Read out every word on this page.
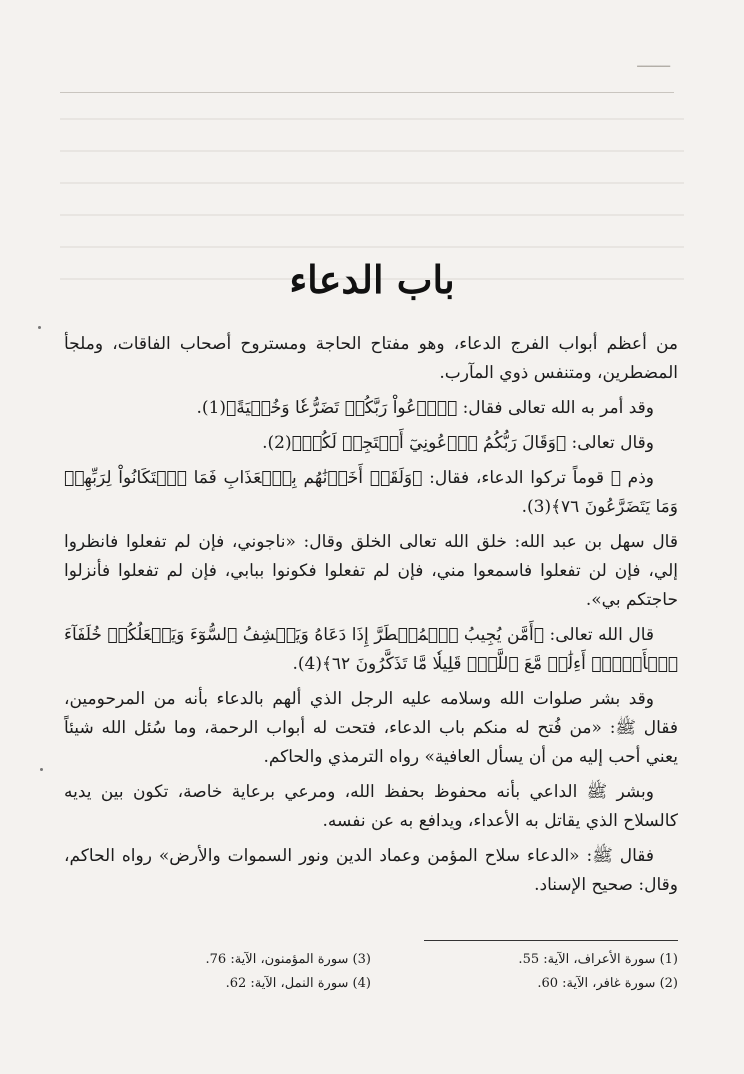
ـــــــ
باب الدعاء

من أعظم أبواب الفرج الدعاء، وهو مفتاح الحاجة ومستروح أصحاب الفاقات، وملجأ المضطرين، ومتنفس ذوي المآرب.

وقد أمر به الله تعالى فقال: ﴿ٱدۡعُواْ رَبَّكُمۡ تَضَرُّعٗا وَخُفۡيَةً﴾(1).

وقال تعالى: ﴿وَقَالَ رَبُّكُمُ ٱدۡعُونِيٓ أَسۡتَجِبۡ لَكُمۡ﴾(2).

وذم ﷺ قوماً تركوا الدعاء، فقال: ﴿وَلَقَدۡ أَخَذۡنَٰهُم بِٱلۡعَذَابِ فَمَا ٱسۡتَكَانُواْ لِرَبِّهِمۡ وَمَا يَتَضَرَّعُونَ ٧٦﴾(3).

قال سهل بن عبد الله: خلق الله تعالى الخلق وقال: «ناجوني، فإن لم تفعلوا فانظروا إلي، فإن لن تفعلوا فاسمعوا مني، فإن لم تفعلوا فكونوا ببابي، فإن لم تفعلوا فأنزلوا حاجتكم بي».

قال الله تعالى: ﴿أَمَّن يُجِيبُ ٱلۡمُضۡطَرَّ إِذَا دَعَاهُ وَيَكۡشِفُ ٱلسُّوٓءَ وَيَجۡعَلُكُمۡ خُلَفَآءَ ٱلۡأَرۡضِۗ أَءِلَٰهٞ مَّعَ ٱللَّهِۚ قَلِيلٗا مَّا تَذَكَّرُونَ ٦٢﴾(4).

وقد بشر صلوات الله وسلامه عليه الرجل الذي ألهم بالدعاء بأنه من المرحومين، فقال ﷺ: «من فُتح له منكم باب الدعاء، فتحت له أبواب الرحمة، وما سُئل الله شيئاً يعني أحب إليه من أن يسأل العافية» رواه الترمذي والحاكم.

وبشر ﷺ الداعي بأنه محفوظ بحفظ الله، ومرعي برعاية خاصة، تكون بين يديه كالسلاح الذي يقاتل به الأعداء، ويدافع به عن نفسه.

فقال ﷺ: «الدعاء سلاح المؤمن وعماد الدين ونور السموات والأرض» رواه الحاكم، وقال: صحيح الإسناد.

(1) سورة الأعراف، الآية: 55.
(3) سورة المؤمنون، الآية: 76.
(2) سورة غافر، الآية: 60.
(4) سورة النمل، الآية: 62.
